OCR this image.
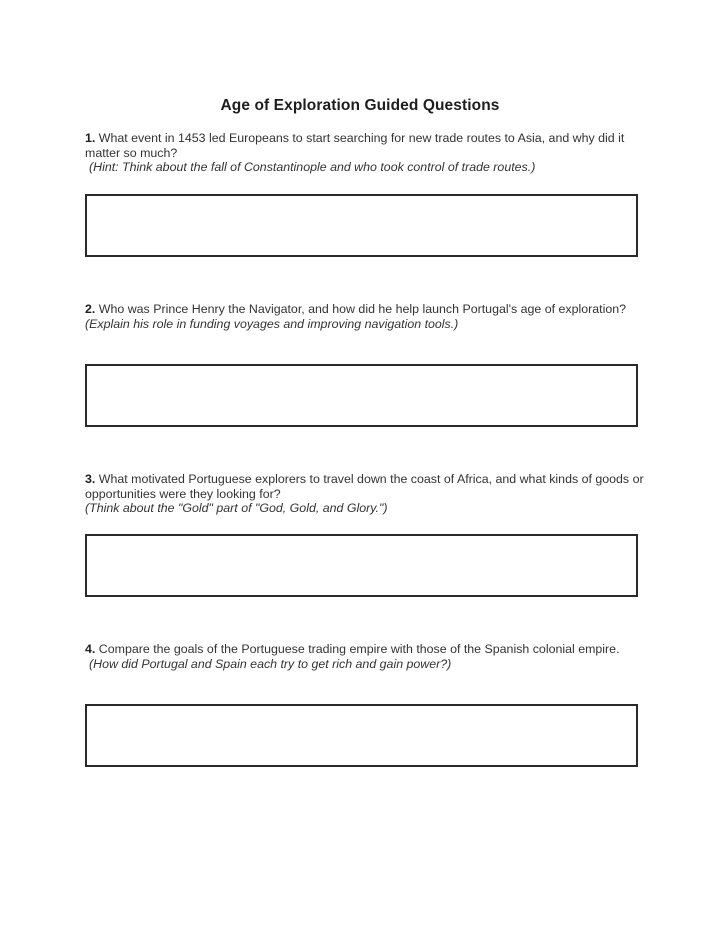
Age of Exploration Guided Questions
1. What event in 1453 led Europeans to start searching for new trade routes to Asia, and why did it matter so much?
(Hint: Think about the fall of Constantinople and who took control of trade routes.)
2. Who was Prince Henry the Navigator, and how did he help launch Portugal's age of exploration?
(Explain his role in funding voyages and improving navigation tools.)
3. What motivated Portuguese explorers to travel down the coast of Africa, and what kinds of goods or opportunities were they looking for?
(Think about the "Gold" part of "God, Gold, and Glory.")
4. Compare the goals of the Portuguese trading empire with those of the Spanish colonial empire.
(How did Portugal and Spain each try to get rich and gain power?)
